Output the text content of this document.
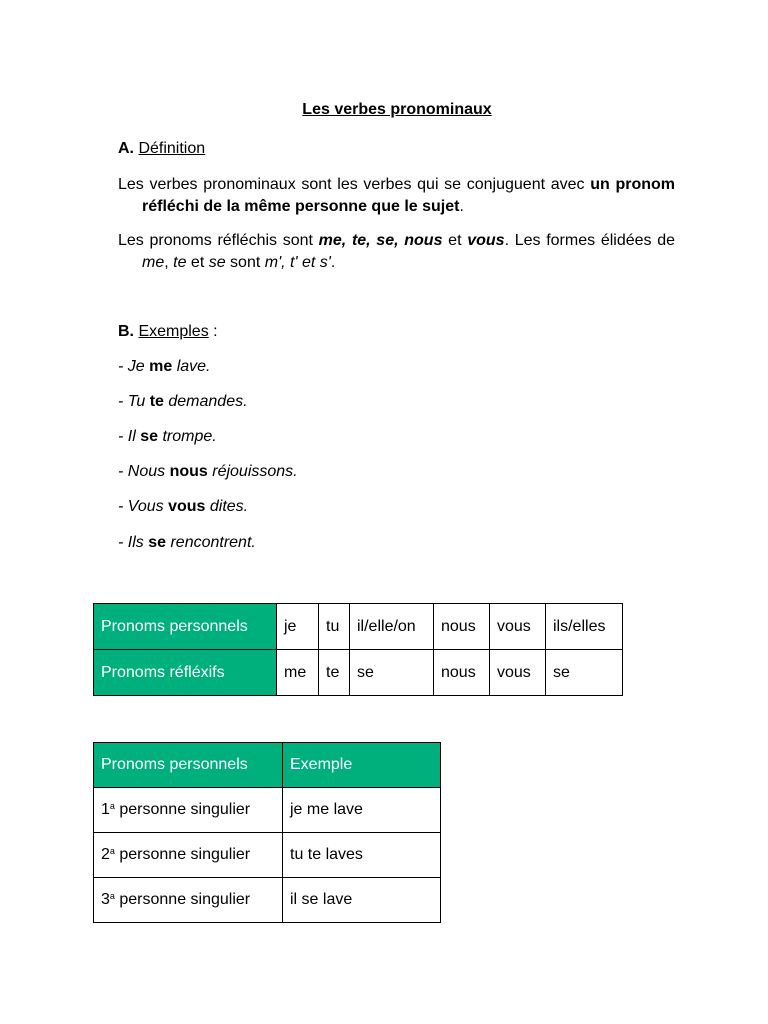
Les verbes pronominaux
A. Définition
Les verbes pronominaux sont les verbes qui se conjuguent avec un pronom réfléchi de la même personne que le sujet.
Les pronoms réfléchis sont me, te, se, nous et vous. Les formes élidées de me, te et se sont m', t' et s'.
B. Exemples :
- Je me lave.
- Tu te demandes.
- Il se trompe.
- Nous nous réjouissons.
- Vous vous dites.
- Ils se rencontrent.
Pronoms personnels	je	tu	il/elle/on	nous	vous	ils/elles
Pronoms réfléxifs	me	te	se	nous	vous	se
Pronoms personnels	Exemple
1$^a$ personne singulier	je me lave
2$^a$ personne singulier	tu te laves
3$^a$ personne singulier	il se lave
